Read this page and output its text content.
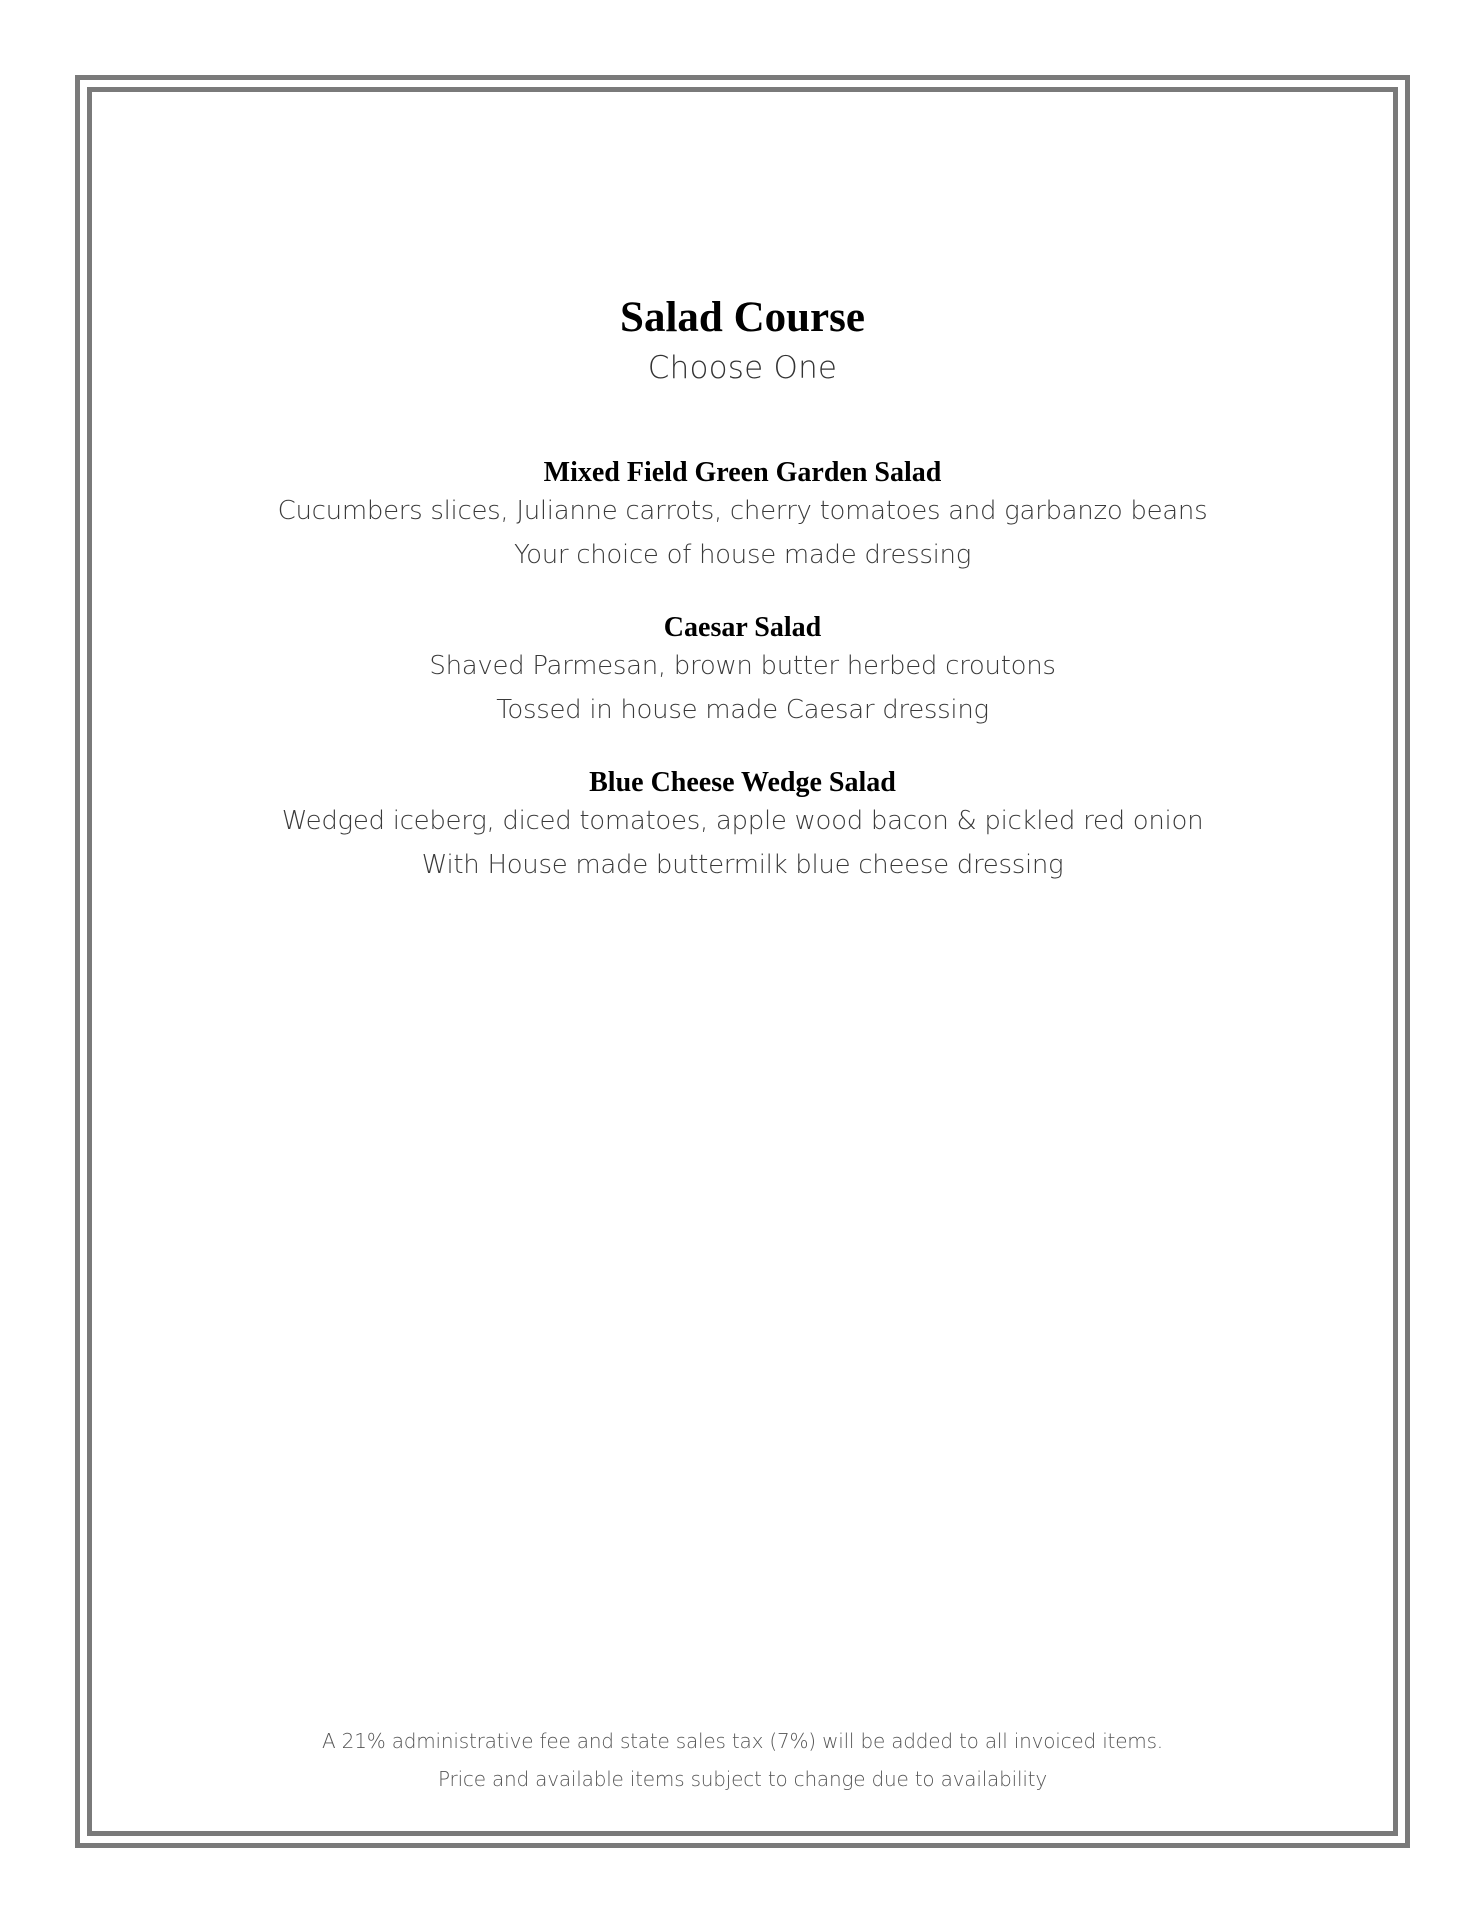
Salad Course
Choose One
Mixed Field Green Garden Salad
Cucumbers slices, Julianne carrots, cherry tomatoes and garbanzo beans
Your choice of house made dressing
Caesar Salad
Shaved Parmesan, brown butter herbed croutons
Tossed in house made Caesar dressing
Blue Cheese Wedge Salad
Wedged iceberg, diced tomatoes, apple wood bacon & pickled red onion
With House made buttermilk blue cheese dressing
A 21% administrative fee and state sales tax (7%) will be added to all invoiced items.
Price and available items subject to change due to availability
